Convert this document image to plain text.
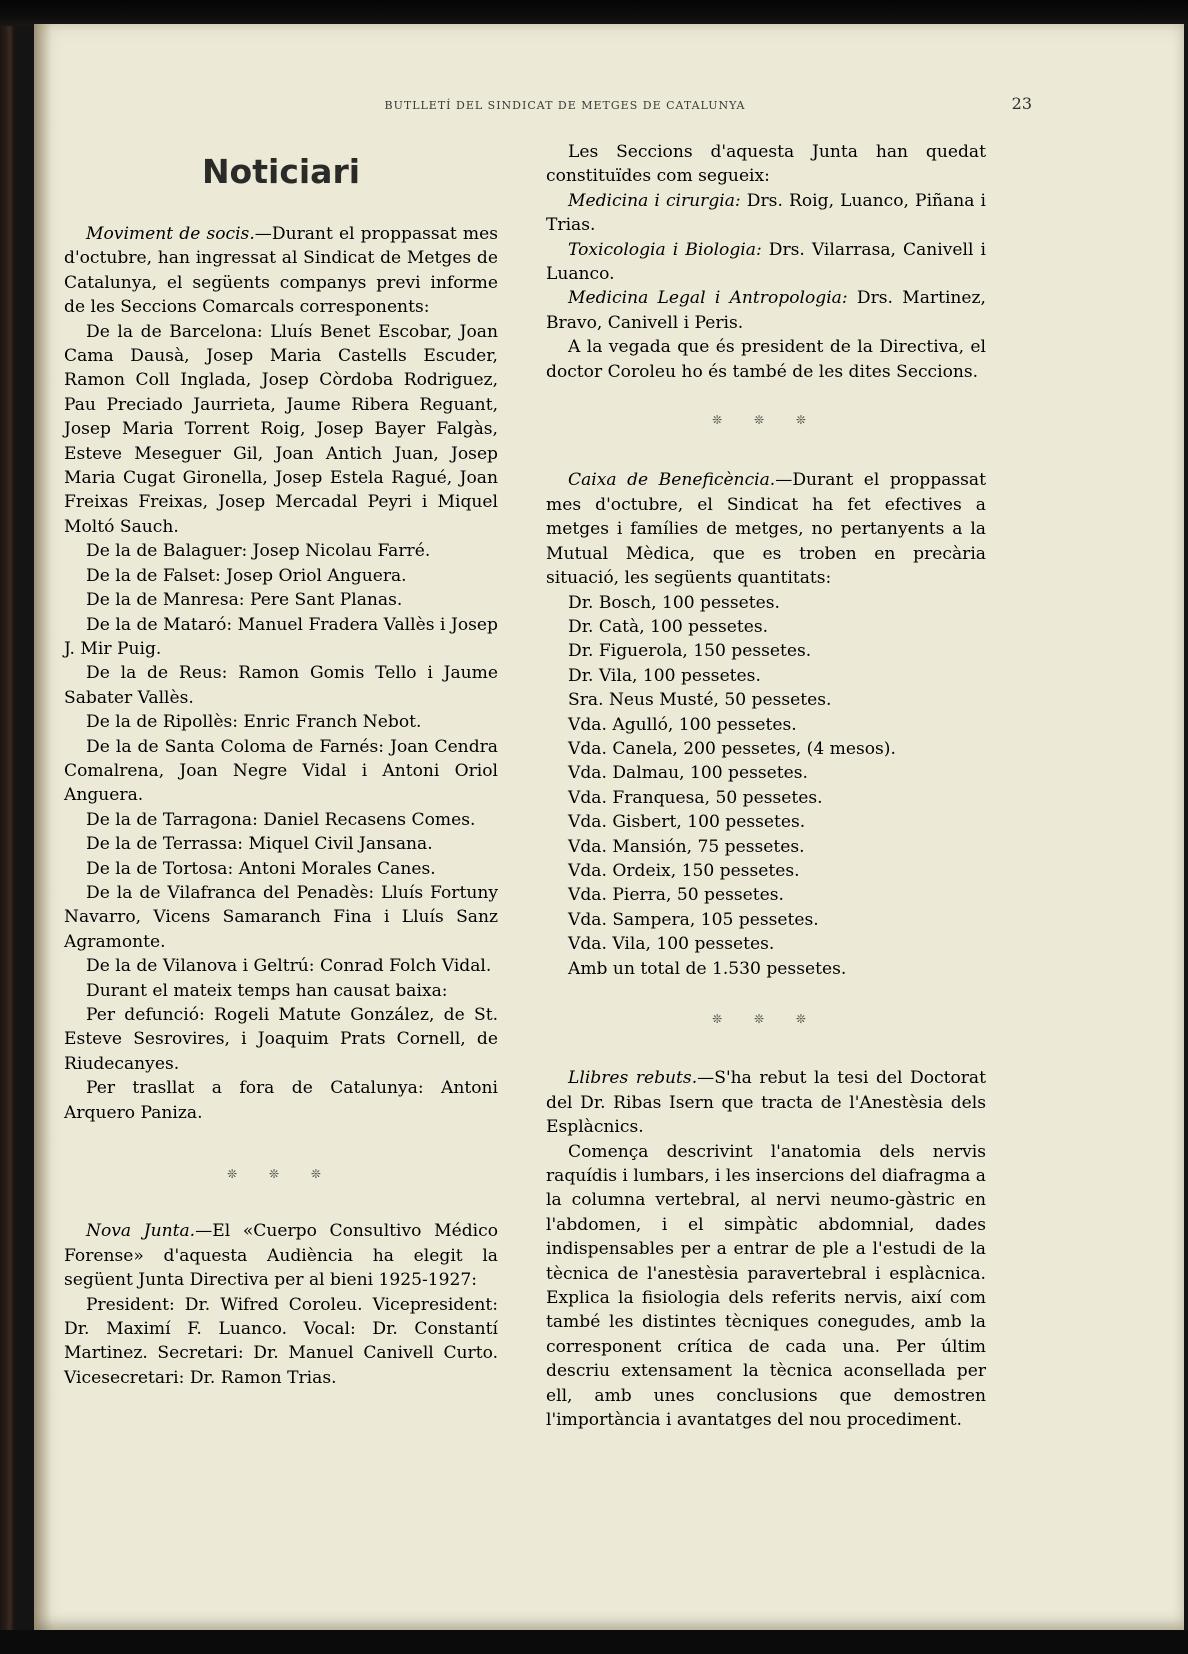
BUTLLETÍ DEL SINDICAT DE METGES DE CATALUNYA	23
Noticiari

Moviment de socis.—Durant el proppassat mes d'octubre, han ingressat al Sindicat de Metges de Catalunya, el següents companys previ informe de les Seccions Comarcals corresponents:

De la de Barcelona: Lluís Benet Escobar, Joan Cama Dausà, Josep Maria Castells Escuder, Ramon Coll Inglada, Josep Còrdoba Rodriguez, Pau Preciado Jaurrieta, Jaume Ribera Reguant, Josep Maria Torrent Roig, Josep Bayer Falgàs, Esteve Meseguer Gil, Joan Antich Juan, Josep Maria Cugat Gironella, Josep Estela Ragué, Joan Freixas Freixas, Josep Mercadal Peyri i Miquel Moltó Sauch.

De la de Balaguer: Josep Nicolau Farré.

De la de Falset: Josep Oriol Anguera.

De la de Manresa: Pere Sant Planas.

De la de Mataró: Manuel Fradera Vallès i Josep J. Mir Puig.

De la de Reus: Ramon Gomis Tello i Jaume Sabater Vallès.

De la de Ripollès: Enric Franch Nebot.

De la de Santa Coloma de Farnés: Joan Cendra Comalrena, Joan Negre Vidal i Antoni Oriol Anguera.

De la de Tarragona: Daniel Recasens Comes.

De la de Terrassa: Miquel Civil Jansana.

De la de Tortosa: Antoni Morales Canes.

De la de Vilafranca del Penadès: Lluís Fortuny Navarro, Vicens Samaranch Fina i Lluís Sanz Agramonte.

De la de Vilanova i Geltrú: Conrad Folch Vidal.

Durant el mateix temps han causat baixa:

Per defunció: Rogeli Matute González, de St. Esteve Sesrovires, i Joaquim Prats Cornell, de Riudecanyes.

Per trasllat a fora de Catalunya: Antoni Arquero Paniza.

❊ ❊ ❊

Nova Junta.—El «Cuerpo Consultivo Médico Forense» d'aquesta Audiència ha elegit la següent Junta Directiva per al bieni 1925-1927:

President: Dr. Wifred Coroleu. Vicepresident: Dr. Maximí F. Luanco. Vocal: Dr. Constantí Martinez. Secretari: Dr. Manuel Canivell Curto. Vicesecretari: Dr. Ramon Trias.

Les Seccions d'aquesta Junta han quedat constituïdes com segueix:

Medicina i cirurgia: Drs. Roig, Luanco, Piñana i Trias.

Toxicologia i Biologia: Drs. Vilarrasa, Canivell i Luanco.

Medicina Legal i Antropologia: Drs. Martinez, Bravo, Canivell i Peris.

A la vegada que és president de la Directiva, el doctor Coroleu ho és també de les dites Seccions.

❊ ❊ ❊

Caixa de Beneficència.—Durant el proppassat mes d'octubre, el Sindicat ha fet efectives a metges i famílies de metges, no pertanyents a la Mutual Mèdica, que es troben en precària situació, les següents quantitats:

Dr. Bosch, 100 pessetes.
Dr. Catà, 100 pessetes.
Dr. Figuerola, 150 pessetes.
Dr. Vila, 100 pessetes.
Sra. Neus Musté, 50 pessetes.
Vda. Agulló, 100 pessetes.
Vda. Canela, 200 pessetes, (4 mesos).
Vda. Dalmau, 100 pessetes.
Vda. Franquesa, 50 pessetes.
Vda. Gisbert, 100 pessetes.
Vda. Mansión, 75 pessetes.
Vda. Ordeix, 150 pessetes.
Vda. Pierra, 50 pessetes.
Vda. Sampera, 105 pessetes.
Vda. Vila, 100 pessetes.
Amb un total de 1.530 pessetes.
❊ ❊ ❊

Llibres rebuts.—S'ha rebut la tesi del Doctorat del Dr. Ribas Isern que tracta de l'Anestèsia dels Esplàcnics.

Comença descrivint l'anatomia dels nervis raquídis i lumbars, i les insercions del diafragma a la columna vertebral, al nervi neumo-gàstric en l'abdomen, i el simpàtic abdomnial, dades indispensables per a entrar de ple a l'estudi de la tècnica de l'anestèsia paravertebral i esplàcnica. Explica la fisiologia dels referits nervis, així com també les distintes tècniques conegudes, amb la corresponent crítica de cada una. Per últim descriu extensament la tècnica aconsellada per ell, amb unes conclusions que demostren l'importància i avantatges del nou procediment.
